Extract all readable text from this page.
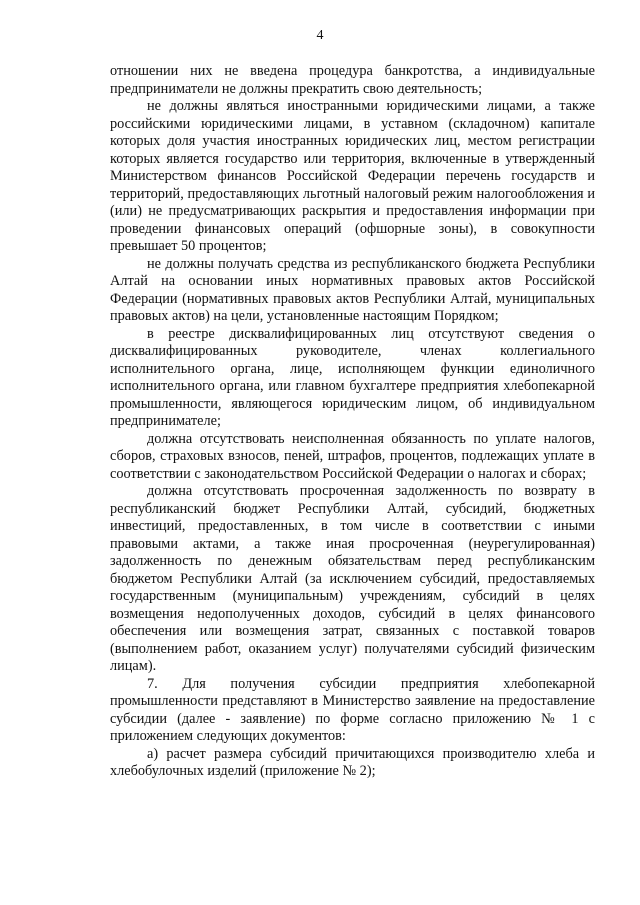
4

отношении них не введена процедура банкротства, а индивидуальные предприниматели не должны прекратить свою деятельность;

не должны являться иностранными юридическими лицами, а также российскими юридическими лицами, в уставном (складочном) капитале которых доля участия иностранных юридических лиц, местом регистрации которых является государство или территория, включенные в утвержденный Министерством финансов Российской Федерации перечень государств и территорий, предоставляющих льготный налоговый режим налогообложения и (или) не предусматривающих раскрытия и предоставления информации при проведении финансовых операций (офшорные зоны), в совокупности превышает 50 процентов;

не должны получать средства из республиканского бюджета Республики Алтай на основании иных нормативных правовых актов Российской Федерации (нормативных правовых актов Республики Алтай, муниципальных правовых актов) на цели, установленные настоящим Порядком;

в реестре дисквалифицированных лиц отсутствуют сведения о дисквалифицированных руководителе, членах коллегиального исполнительного органа, лице, исполняющем функции единоличного исполнительного органа, или главном бухгалтере предприятия хлебопекарной промышленности, являющегося юридическим лицом, об индивидуальном предпринимателе;

должна отсутствовать неисполненная обязанность по уплате налогов, сборов, страховых взносов, пеней, штрафов, процентов, подлежащих уплате в соответствии с законодательством Российской Федерации о налогах и сборах;

должна отсутствовать просроченная задолженность по возврату в республиканский бюджет Республики Алтай, субсидий, бюджетных инвестиций, предоставленных, в том числе в соответствии с иными правовыми актами, а также иная просроченная (неурегулированная) задолженность по денежным обязательствам перед республиканским бюджетом Республики Алтай (за исключением субсидий, предоставляемых государственным (муниципальным) учреждениям, субсидий в целях возмещения недополученных доходов, субсидий в целях финансового обеспечения или возмещения затрат, связанных с поставкой товаров (выполнением работ, оказанием услуг) получателями субсидий физическим лицам).

7. Для получения субсидии предприятия хлебопекарной промышленности представляют в Министерство заявление на предоставление субсидии (далее - заявление) по форме согласно приложению № 1 с приложением следующих документов:

а) расчет размера субсидий причитающихся производителю хлеба и хлебобулочных изделий (приложение № 2);
